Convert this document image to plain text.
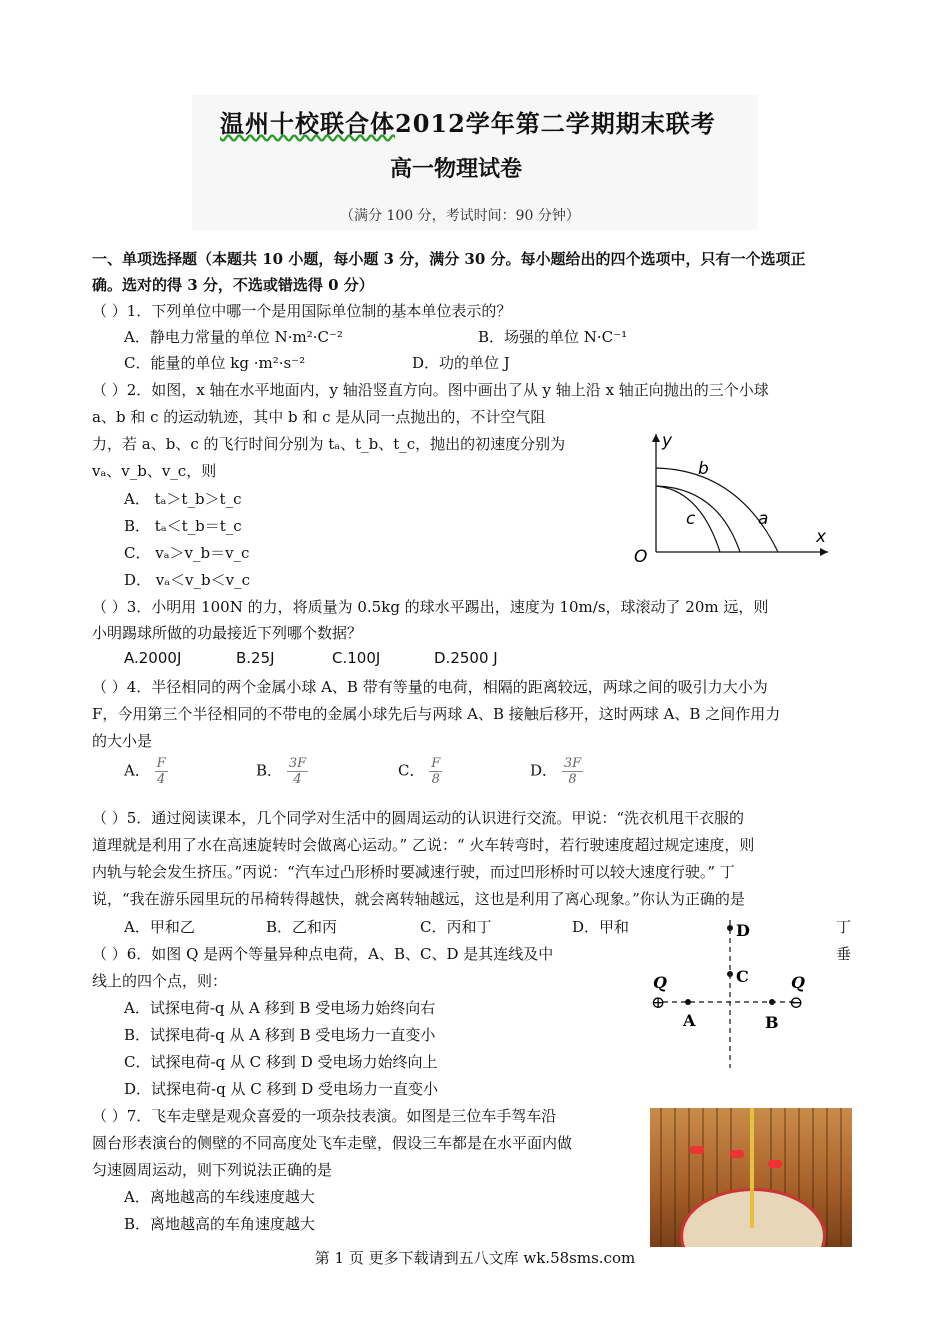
温州十校联合体2012学年第二学期期末联考
高一物理试卷
（满分 100 分，考试时间：90 分钟）
一、单项选择题（本题共 10 小题，每小题 3 分，满分 30 分。每小题给出的四个选项中，只有一个选项正
确。选对的得 3 分，不选或错选得 0 分）
（ ）1．下列单位中哪一个是用国际单位制的基本单位表示的？
A．静电力常量的单位 N·m²·C⁻²	B．场强的单位 N·C⁻¹
C．能量的单位 kg ·m²·s⁻²	D．功的单位 J
（ ）2．如图，x 轴在水平地面内，y 轴沿竖直方向。图中画出了从 y 轴上沿 x 轴正向抛出的三个小球
a、b 和 c 的运动轨迹，其中 b 和 c 是从同一点抛出的，不计空气阻
力，若 a、b、c 的飞行时间分别为 tₐ、t_b、t_c，抛出的初速度分别为
vₐ、v_b、v_c，则
A． tₐ＞t_b＞t_c
B． tₐ＜t_b＝t_c
C． vₐ＞v_b＝v_c
D． vₐ＜v_b＜v_c
y
x
O
b
c	a
（ ）3．小明用 100N 的力，将质量为 0.5kg 的球水平踢出，速度为 10m/s，球滚动了 20m 远，则
小明踢球所做的功最接近下列哪个数据？
A.2000J	B.25J	C.100J	D.2500 J
（ ）4．半径相同的两个金属小球 A、B 带有等量的电荷，相隔的距离较远，两球之间的吸引力大小为
F，今用第三个半径相同的不带电的金属小球先后与两球 A、B 接触后移开，这时两球 A、B 之间作用力
的大小是
A． $\frac{F}{4}$	B． $\frac{3F}{4}$	C． $\frac{F}{8}$	D． $\frac{3F}{8}$
（ ）5．通过阅读课本，几个同学对生活中的圆周运动的认识进行交流。甲说：“洗衣机甩干衣服的
道理就是利用了水在高速旋转时会做离心运动。” 乙说：“ 火车转弯时，若行驶速度超过规定速度，则
内轨与轮会发生挤压。”丙说：“汽车过凸形桥时要减速行驶，而过凹形桥时可以较大速度行驶。” 丁
说，“我在游乐园里玩的吊椅转得越快，就会离转轴越远，这也是利用了离心现象。”你认为正确的是
A．甲和乙	B．乙和丙	C．丙和丁	D．甲和	丁
（ ）6．如图 Q 是两个等量异种点电荷，A、B、C、D 是其连线及中	垂
线上的四个点，则：
A．试探电荷-q 从 A 移到 B 受电场力始终向右
B．试探电荷-q 从 A 移到 B 受电场力一直变小
C．试探电荷-q 从 C 移到 D 受电场力始终向上
D．试探电荷-q 从 C 移到 D 受电场力一直变小
⊕	⊖
Q	Q
A	B
C
D
（ ）7．飞车走壁是观众喜爱的一项杂技表演。如图是三位车手驾车沿
圆台形表演台的侧壁的不同高度处飞车走壁，假设三车都是在水平面内做
匀速圆周运动，则下列说法正确的是
A．离地越高的车线速度越大
B．离地越高的车角速度越大
第 1 页 更多下载请到五八文库 wk.58sms.com
